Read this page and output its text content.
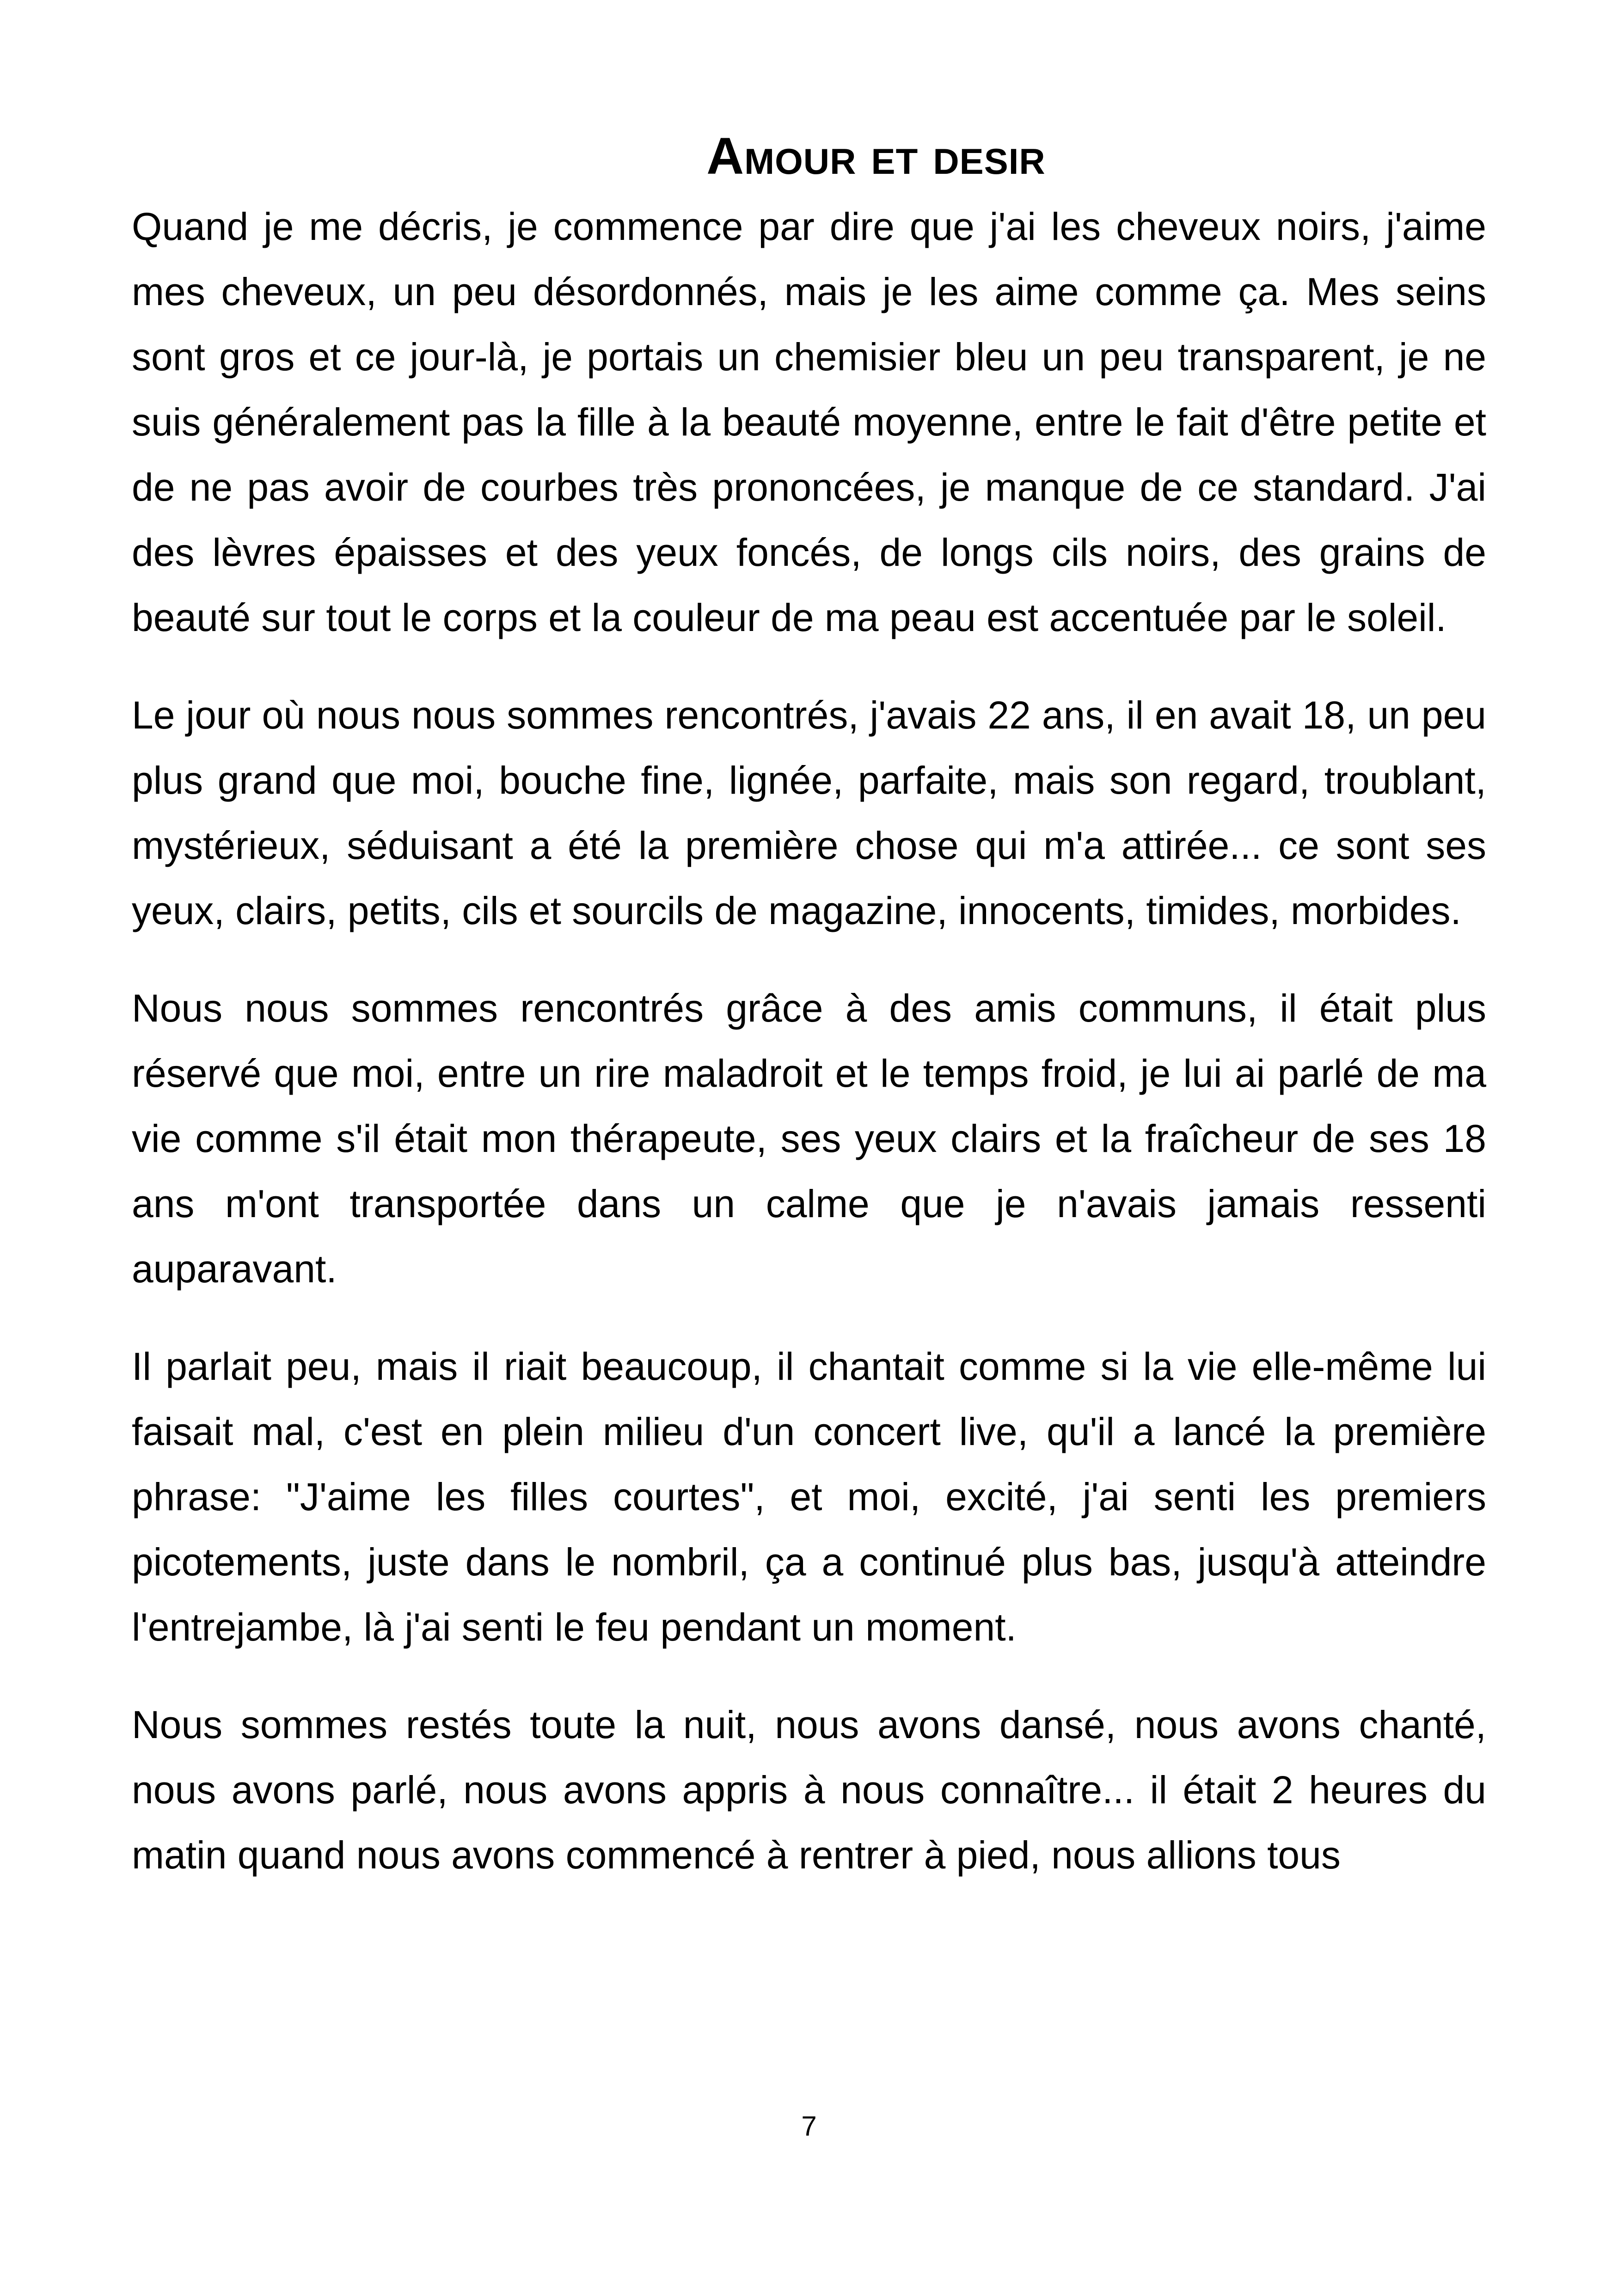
Amour et desir

Quand je me décris, je commence par dire que j'ai les cheveux noirs, j'aime mes cheveux, un peu désordonnés, mais je les aime comme ça. Mes seins sont gros et ce jour-là, je portais un chemisier bleu un peu transparent, je ne suis généralement pas la fille à la beauté moyenne, entre le fait d'être petite et de ne pas avoir de courbes très prononcées, je manque de ce standard. J'ai des lèvres épaisses et des yeux foncés, de longs cils noirs, des grains de beauté sur tout le corps et la couleur de ma peau est accentuée par le soleil.

Le jour où nous nous sommes rencontrés, j'avais 22 ans, il en avait 18, un peu plus grand que moi, bouche fine, lignée, parfaite, mais son regard, troublant, mystérieux, séduisant a été la première chose qui m'a attirée... ce sont ses yeux, clairs, petits, cils et sourcils de magazine, innocents, timides, morbides.

Nous nous sommes rencontrés grâce à des amis communs, il était plus réservé que moi, entre un rire maladroit et le temps froid, je lui ai parlé de ma vie comme s'il était mon thérapeute, ses yeux clairs et la fraîcheur de ses 18 ans m'ont transportée dans un calme que je n'avais jamais ressenti auparavant.

Il parlait peu, mais il riait beaucoup, il chantait comme si la vie elle-même lui faisait mal, c'est en plein milieu d'un concert live, qu'il a lancé la première phrase: "J'aime les filles courtes", et moi, excité, j'ai senti les premiers picotements, juste dans le nombril, ça a continué plus bas, jusqu'à atteindre l'entrejambe, là j'ai senti le feu pendant un moment.

Nous sommes restés toute la nuit, nous avons dansé, nous avons chanté, nous avons parlé, nous avons appris à nous connaître... il était 2 heures du matin quand nous avons commencé à rentrer à pied, nous allions tous

7
